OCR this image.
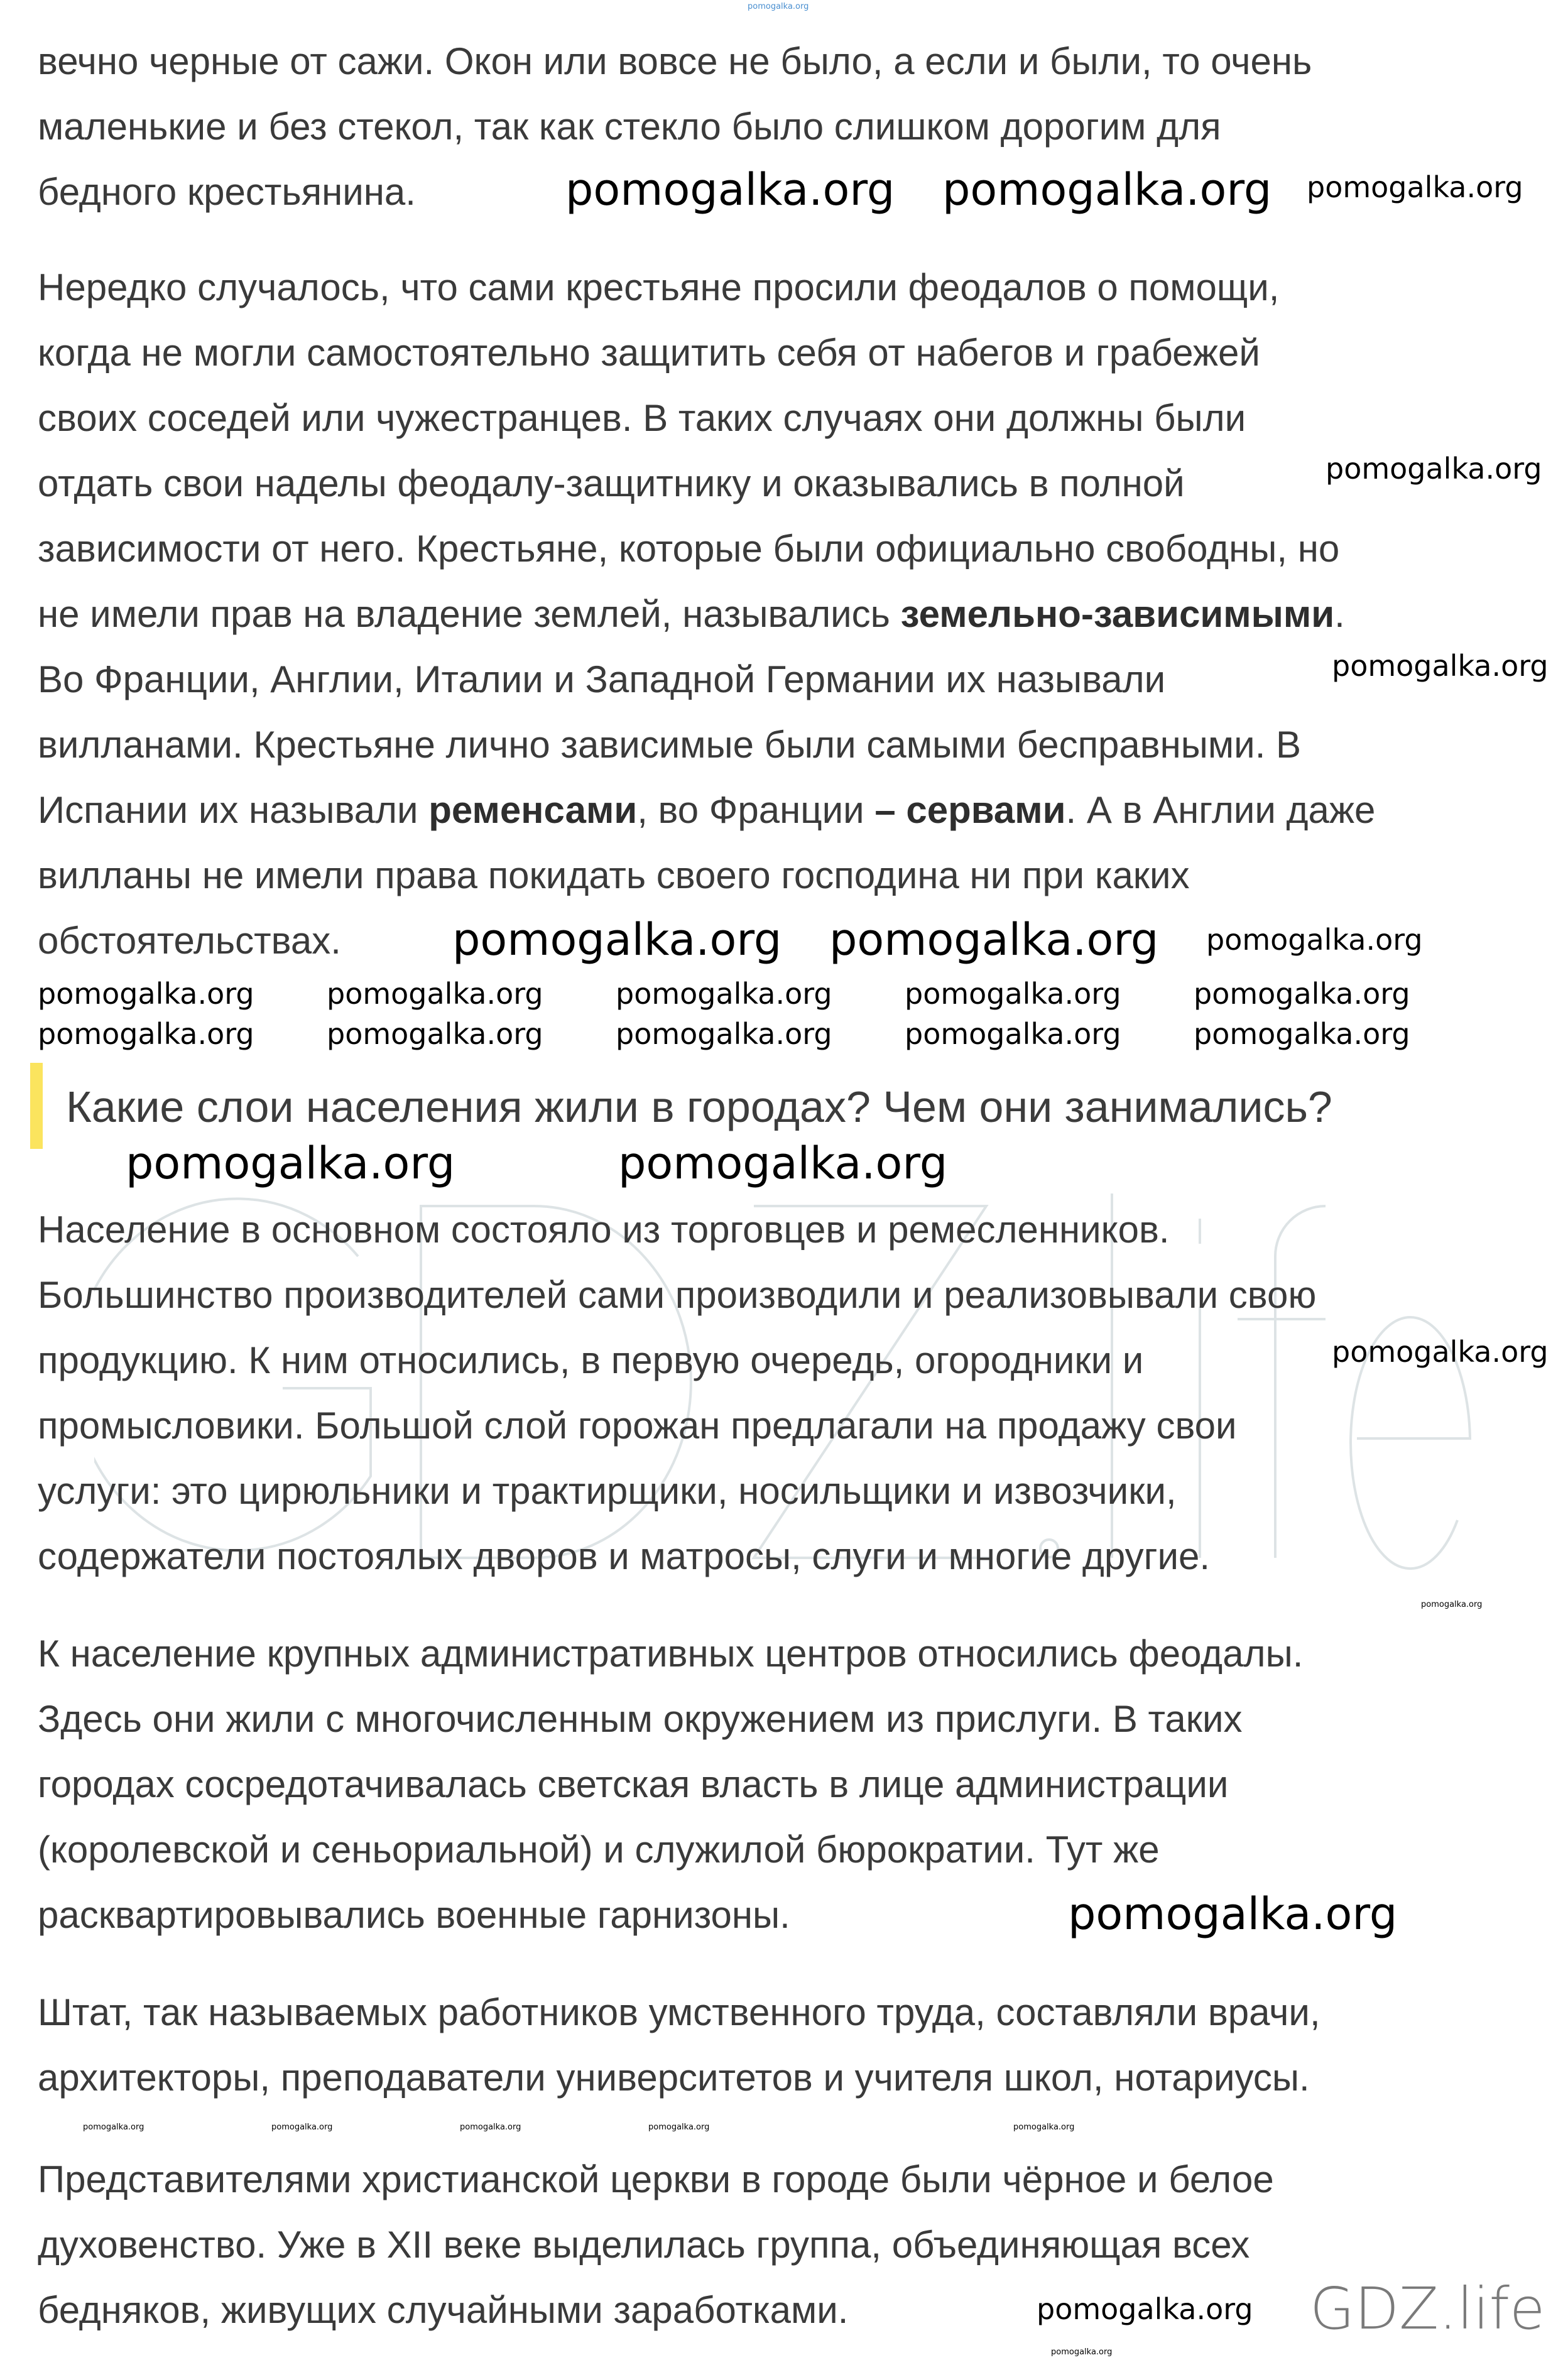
вечно черные от сажи. Окон или вовсе не было, а если и были, то очень
маленькие и без стекол, так как стекло было слишком дорогим для
бедного крестьянина.
Нередко случалось, что сами крестьяне просили феодалов о помощи,
когда не могли самостоятельно защитить себя от набегов и грабежей
своих соседей или чужестранцев. В таких случаях они должны были
отдать свои наделы феодалу-защитнику и оказывались в полной
зависимости от него. Крестьяне, которые были официально свободны, но
не имели прав на владение землей, назывались земельно-зависимыми.
Во Франции, Англии, Италии и Западной Германии их называли
вилланами. Крестьяне лично зависимые были самыми бесправными. В
Испании их называли ременсами, во Франции – сервами. А в Англии даже
вилланы не имели права покидать своего господина ни при каких
обстоятельствах.
Какие слои населения жили в городах? Чем они занимались?
Население в основном состояло из торговцев и ремесленников.
Большинство производителей сами производили и реализовывали свою
продукцию. К ним относились, в первую очередь, огородники и
промысловики. Большой слой горожан предлагали на продажу свои
услуги: это цирюльники и трактирщики, носильщики и извозчики,
содержатели постоялых дворов и матросы, слуги и многие другие.
К население крупных административных центров относились феодалы.
Здесь они жили с многочисленным окружением из прислуги. В таких
городах сосредотачивалась светская власть в лице администрации
(королевской и сеньориальной) и служилой бюрократии. Тут же
расквартировывались военные гарнизоны.
Штат, так называемых работников умственного труда, составляли врачи,
архитекторы, преподаватели университетов и учителя школ, нотариусы.
Представителями христианской церкви в городе были чёрное и белое
духовенство. Уже в XII веке выделилась группа, объединяющая всех
бедняков, живущих случайными заработками.
pomogalka.org pomogalka.org
pomogalka.org pomogalka.org
pomogalka.org	pomogalka.org
pomogalka.org
pomogalka.org
pomogalka.org
pomogalka.org	pomogalka.org	pomogalka.org	pomogalka.org	pomogalka.org
pomogalka.org	pomogalka.org	pomogalka.org	pomogalka.org	pomogalka.org
pomogalka.org
pomogalka.org
pomogalka.org
pomogalka.org
pomogalka.org
pomogalka.org
pomogalka.org	pomogalka.org	pomogalka.org	pomogalka.org	pomogalka.org
pomogalka.org
GDZ.life
